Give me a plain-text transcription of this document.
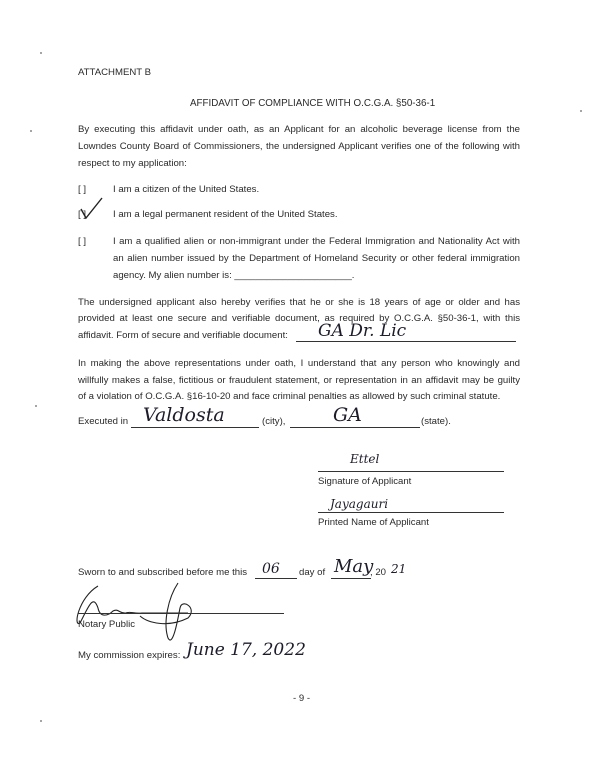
ATTACHMENT B
AFFIDAVIT OF COMPLIANCE WITH O.C.G.A. §50-36-1
By executing this affidavit under oath, as an Applicant for an alcoholic beverage license from the
Lowndes County Board of Commissioners, the undersigned Applicant verifies one of the following with
respect to my application:
[ ]	I am a citizen of the United States.
[ ]	I am a legal permanent resident of the United States.
[ ]	I am a qualified alien or non-immigrant under the Federal Immigration and Nationality Act with
an alien number issued by the Department of Homeland Security or other federal immigration
agency. My alien number is: ______________________.
The undersigned applicant also hereby verifies that he or she is 18 years of age or older and has
provided at least one secure and verifiable document, as required by O.C.G.A. §50-36-1, with this
affidavit. Form of secure and verifiable document: GA Dr. Lic
In making the above representations under oath, I understand that any person who knowingly and
willfully makes a false, fictitious or fraudulent statement, or representation in an affidavit may be guilty
of a violation of O.C.G.A. §16-10-20 and face criminal penalties as allowed by such criminal statute.
Executed in Valdosta	(city),	GA	(state).
Ettel
Signature of Applicant
Jayagauri
Printed Name of Applicant
Sworn to and subscribed before me this 06 day of May
, 20 21
Notary Public
My commission expires: June 17, 2022
- 9 -
